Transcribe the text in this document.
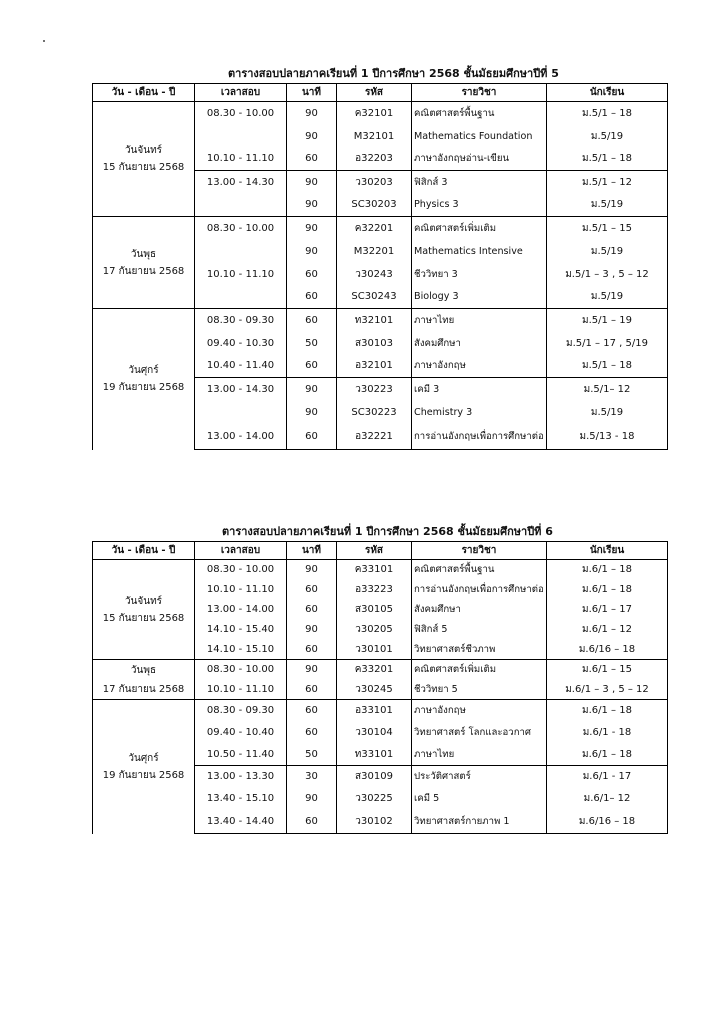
ตารางสอบปลายภาคเรียนที่ 1 ปีการศึกษา 2568 ชั้นมัธยมศึกษาปีที่ 5
วัน - เดือน - ปี	เวลาสอบ	นาที	รหัส	รายวิชา	นักเรียน

วันจันทร์
15 กันยายน 2568	08.30 - 10.00	90	ค32101	คณิตศาสตร์พื้นฐาน	ม.5/1 – 18
		90	M32101	Mathematics Foundation	ม.5/19
	10.10 - 11.10	60	อ32203	ภาษาอังกฤษอ่าน-เขียน	ม.5/1 – 18
	13.00 - 14.30	90	ว30203	ฟิสิกส์ 3	ม.5/1 – 12
		90	SC30203	Physics 3	ม.5/19

วันพุธ
17 กันยายน 2568	08.30 - 10.00	90	ค32201	คณิตศาสตร์เพิ่มเติม	ม.5/1 – 15
		90	M32201	Mathematics Intensive	ม.5/19
	10.10 - 11.10	60	ว30243	ชีววิทยา 3	ม.5/1 – 3 , 5 – 12
		60	SC30243	Biology 3	ม.5/19

วันศุกร์
19 กันยายน 2568	08.30 - 09.30	60	ท32101	ภาษาไทย	ม.5/1 – 19
	09.40 - 10.30	50	ส30103	สังคมศึกษา	ม.5/1 – 17 , 5/19
	10.40 - 11.40	60	อ32101	ภาษาอังกฤษ	ม.5/1 – 18
	13.00 - 14.30	90	ว30223	เคมี 3	ม.5/1– 12
		90	SC30223	Chemistry 3	ม.5/19
	13.00 - 14.00	60	อ32221	การอ่านอังกฤษเพื่อการศึกษาต่อ	ม.5/13 - 18
ตารางสอบปลายภาคเรียนที่ 1 ปีการศึกษา 2568 ชั้นมัธยมศึกษาปีที่ 6
วัน - เดือน - ปี	เวลาสอบ	นาที	รหัส	รายวิชา	นักเรียน

วันจันทร์
15 กันยายน 2568	08.30 - 10.00	90	ค33101	คณิตศาสตร์พื้นฐาน	ม.6/1 – 18
	10.10 - 11.10	60	อ33223	การอ่านอังกฤษเพื่อการศึกษาต่อ	ม.6/1 – 18
	13.00 - 14.00	60	ส30105	สังคมศึกษา	ม.6/1 – 17
	14.10 - 15.40	90	ว30205	ฟิสิกส์ 5	ม.6/1 – 12
	14.10 - 15.10	60	ว30101	วิทยาศาสตร์ชีวภาพ	ม.6/16 – 18

วันพุธ
17 กันยายน 2568	08.30 - 10.00	90	ค33201	คณิตศาสตร์เพิ่มเติม	ม.6/1 – 15
	10.10 - 11.10	60	ว30245	ชีววิทยา 5	ม.6/1 – 3 , 5 – 12

วันศุกร์
19 กันยายน 2568	08.30 - 09.30	60	อ33101	ภาษาอังกฤษ	ม.6/1 – 18
	09.40 - 10.40	60	ว30104	วิทยาศาสตร์ โลกและอวกาศ	ม.6/1 - 18
	10.50 - 11.40	50	ท33101	ภาษาไทย	ม.6/1 – 18
	13.00 - 13.30	30	ส30109	ประวัติศาสตร์	ม.6/1 - 17
	13.40 - 15.10	90	ว30225	เคมี 5	ม.6/1– 12
	13.40 - 14.40	60	ว30102	วิทยาศาสตร์กายภาพ 1	ม.6/16 – 18
